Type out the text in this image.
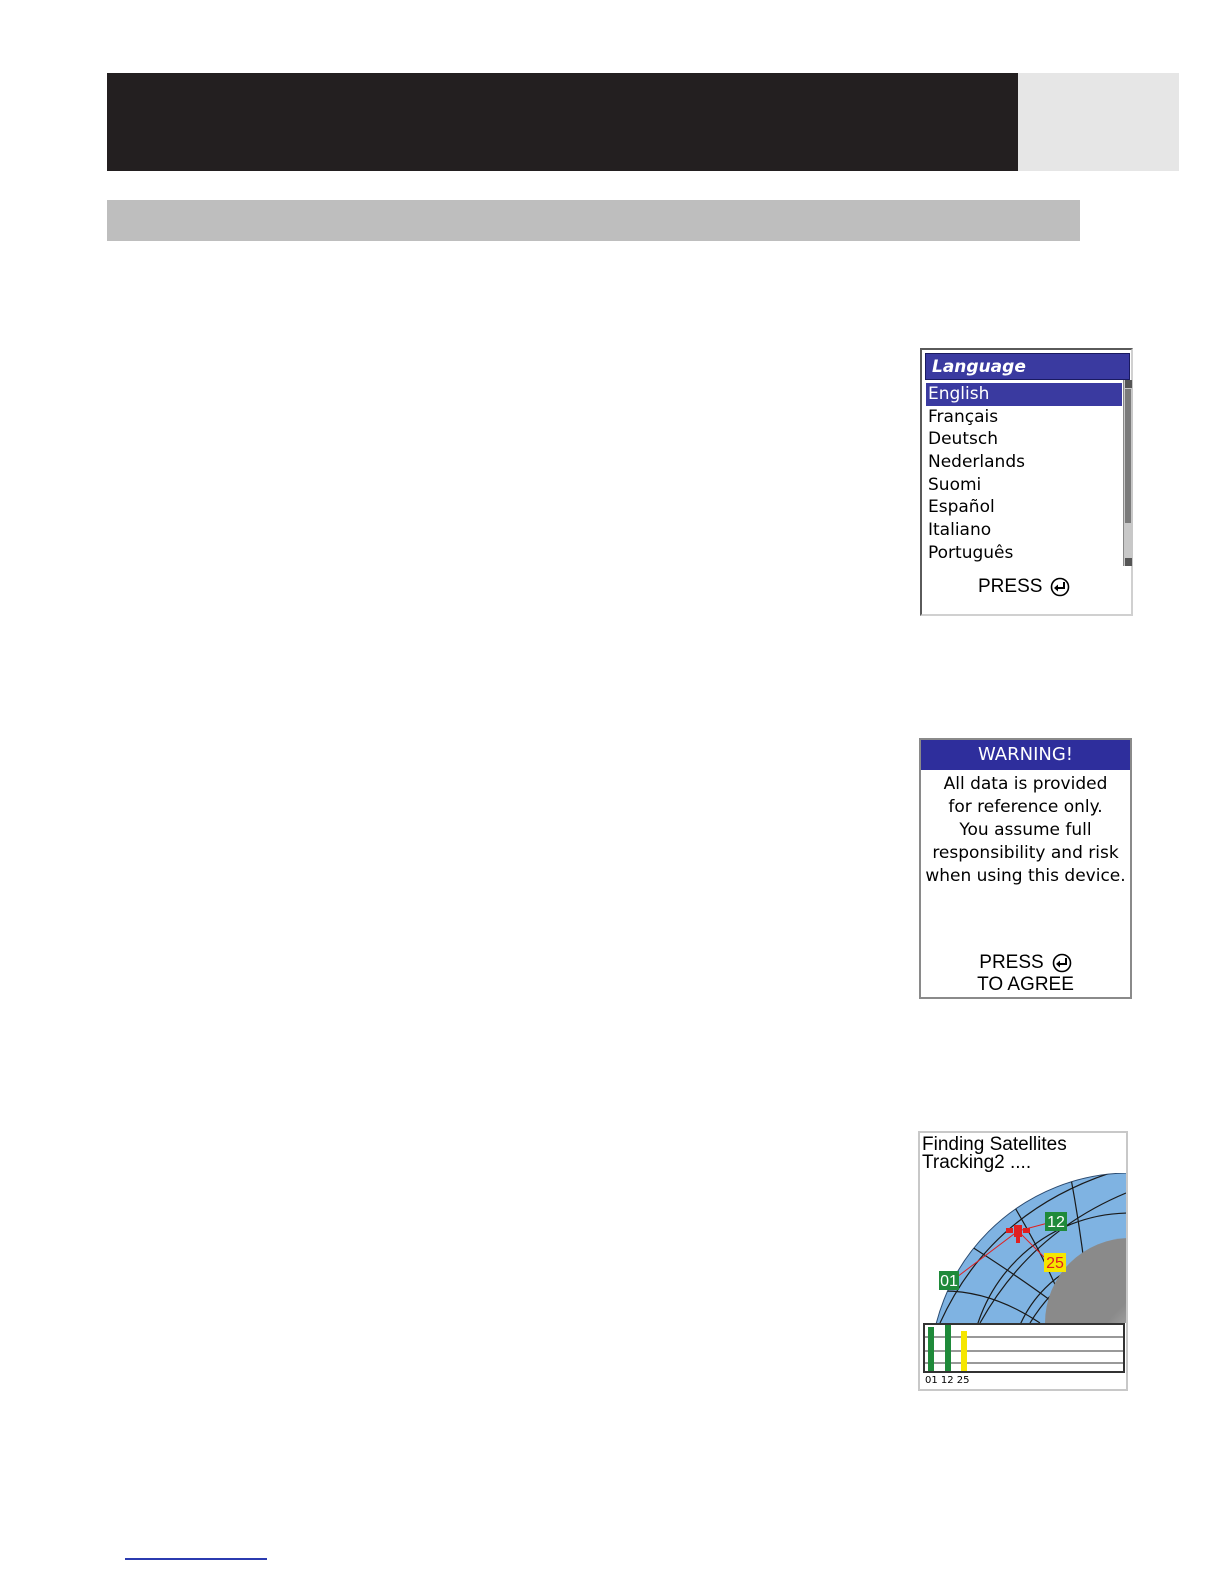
Language
English
Français
Deutsch
Nederlands
Suomi
Español
Italiano
Português
PRESS
WARNING!
All data is provided
for reference only.
You assume full
responsibility and risk
when using this device.
PRESS
TO AGREE
Finding Satellites
Tracking2 ....
01
12
25
01 12 25
